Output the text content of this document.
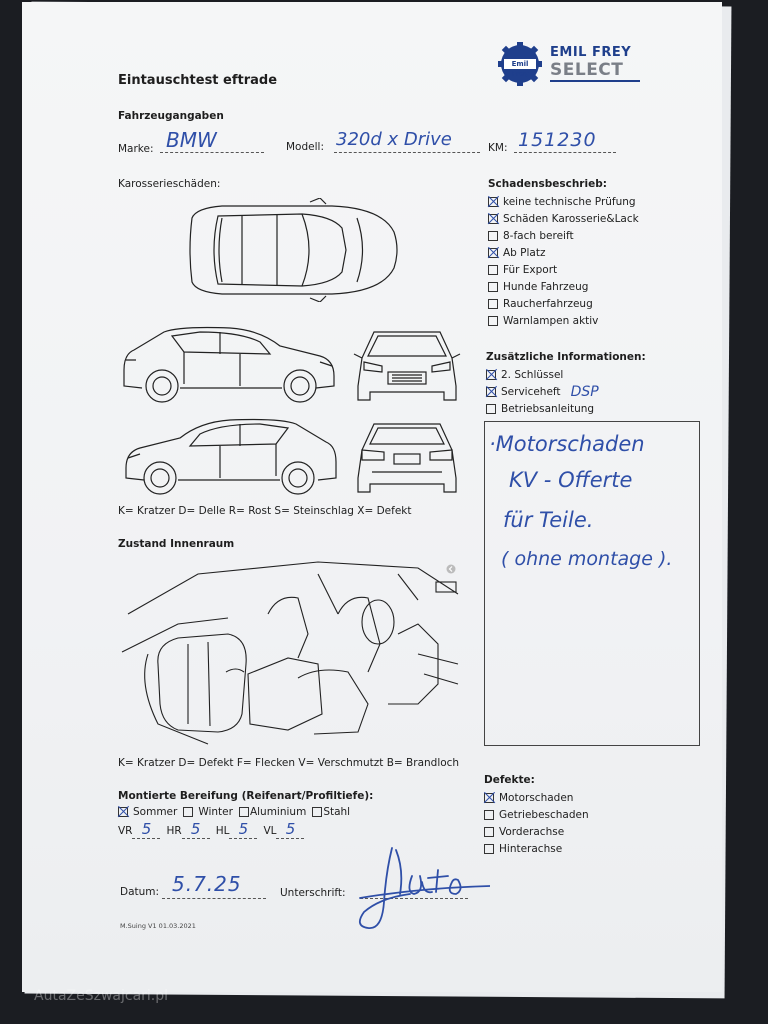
Eintauschtest eftrade
Emil Frey
EMIL FREY
SELECT
Fahrzeugangaben
Marke: BMW	Modell: 320d x Drive	KM: 151230
Karosserieschäden:
K= Kratzer D= Delle R= Rost S= Steinschlag X= Defekt
Schadensbeschrieb:
keine technische Prüfung
Schäden Karosserie&Lack
8-fach bereift
Ab Platz
Für Export
Hunde Fahrzeug
Raucherfahrzeug
Warnlampen aktiv
Zusätzliche Informationen:
2. Schlüssel
Serviceheft DSP
Betriebsanleitung
·Motorschaden
KV - Offerte
für Teile.
( ohne montage ).
Zustand Innenraum
K= Kratzer D= Defekt F= Flecken V= Verschmutzt B= Brandloch
Montierte Bereifung (Reifenart/Profiltiefe):
Sommer Winter Aluminium Stahl
VR 5	HR 5	HL 5	VL 5
Defekte:
Motorschaden
Getriebeschaden
Vorderachse
Hinterachse
Datum: 5.7.25	Unterschrift:
M.Suing V1 01.03.2021
AutaZeSzwajcari.pl
